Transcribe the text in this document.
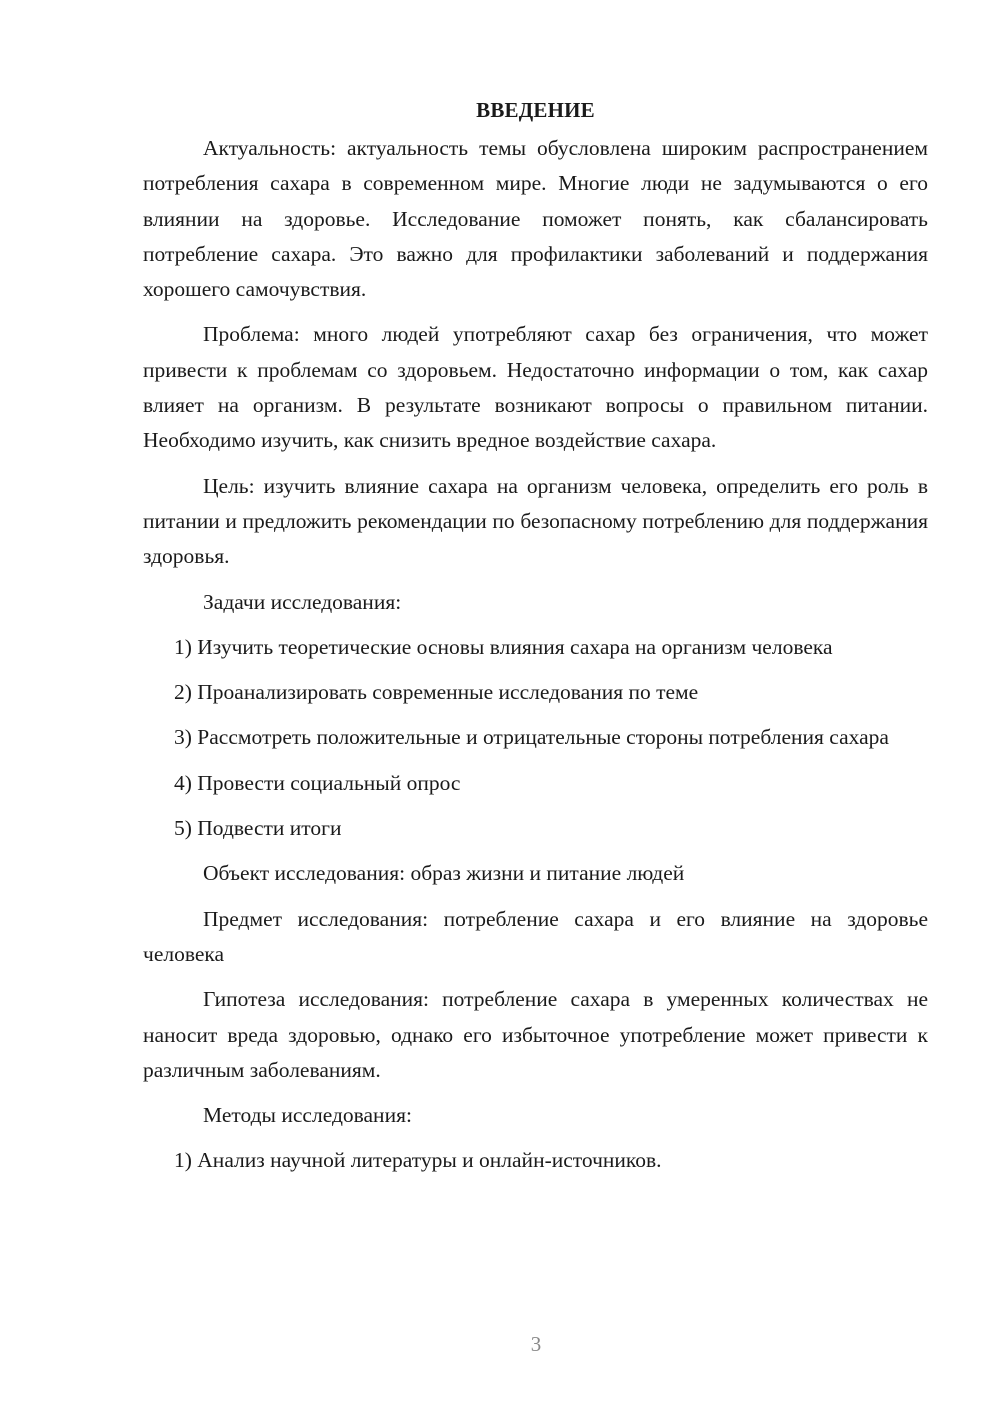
ВВЕДЕНИЕ

Актуальность: актуальность темы обусловлена широким распространением потребления сахара в современном мире. Многие люди не задумываются о его влиянии на здоровье. Исследование поможет понять, как сбалансировать потребление сахара. Это важно для профилактики заболеваний и поддержания хорошего самочувствия.

Проблема: много людей употребляют сахар без ограничения, что может привести к проблемам со здоровьем. Недостаточно информации о том, как сахар влияет на организм. В результате возникают вопросы о правильном питании. Необходимо изучить, как снизить вредное воздействие сахара.

Цель: изучить влияние сахара на организм человека, определить его роль в питании и предложить рекомендации по безопасному потреблению для поддержания здоровья.

Задачи исследования:

1) Изучить теоретические основы влияния сахара на организм человека

2) Проанализировать современные исследования по теме

3) Рассмотреть положительные и отрицательные стороны потребления сахара

4) Провести социальный опрос

5) Подвести итоги

Объект исследования: образ жизни и питание людей

Предмет исследования: потребление сахара и его влияние на здоровье человека

Гипотеза исследования: потребление сахара в умеренных количествах не наносит вреда здоровью, однако его избыточное употребление может привести к различным заболеваниям.

Методы исследования:

1) Анализ научной литературы и онлайн-источников.

3
